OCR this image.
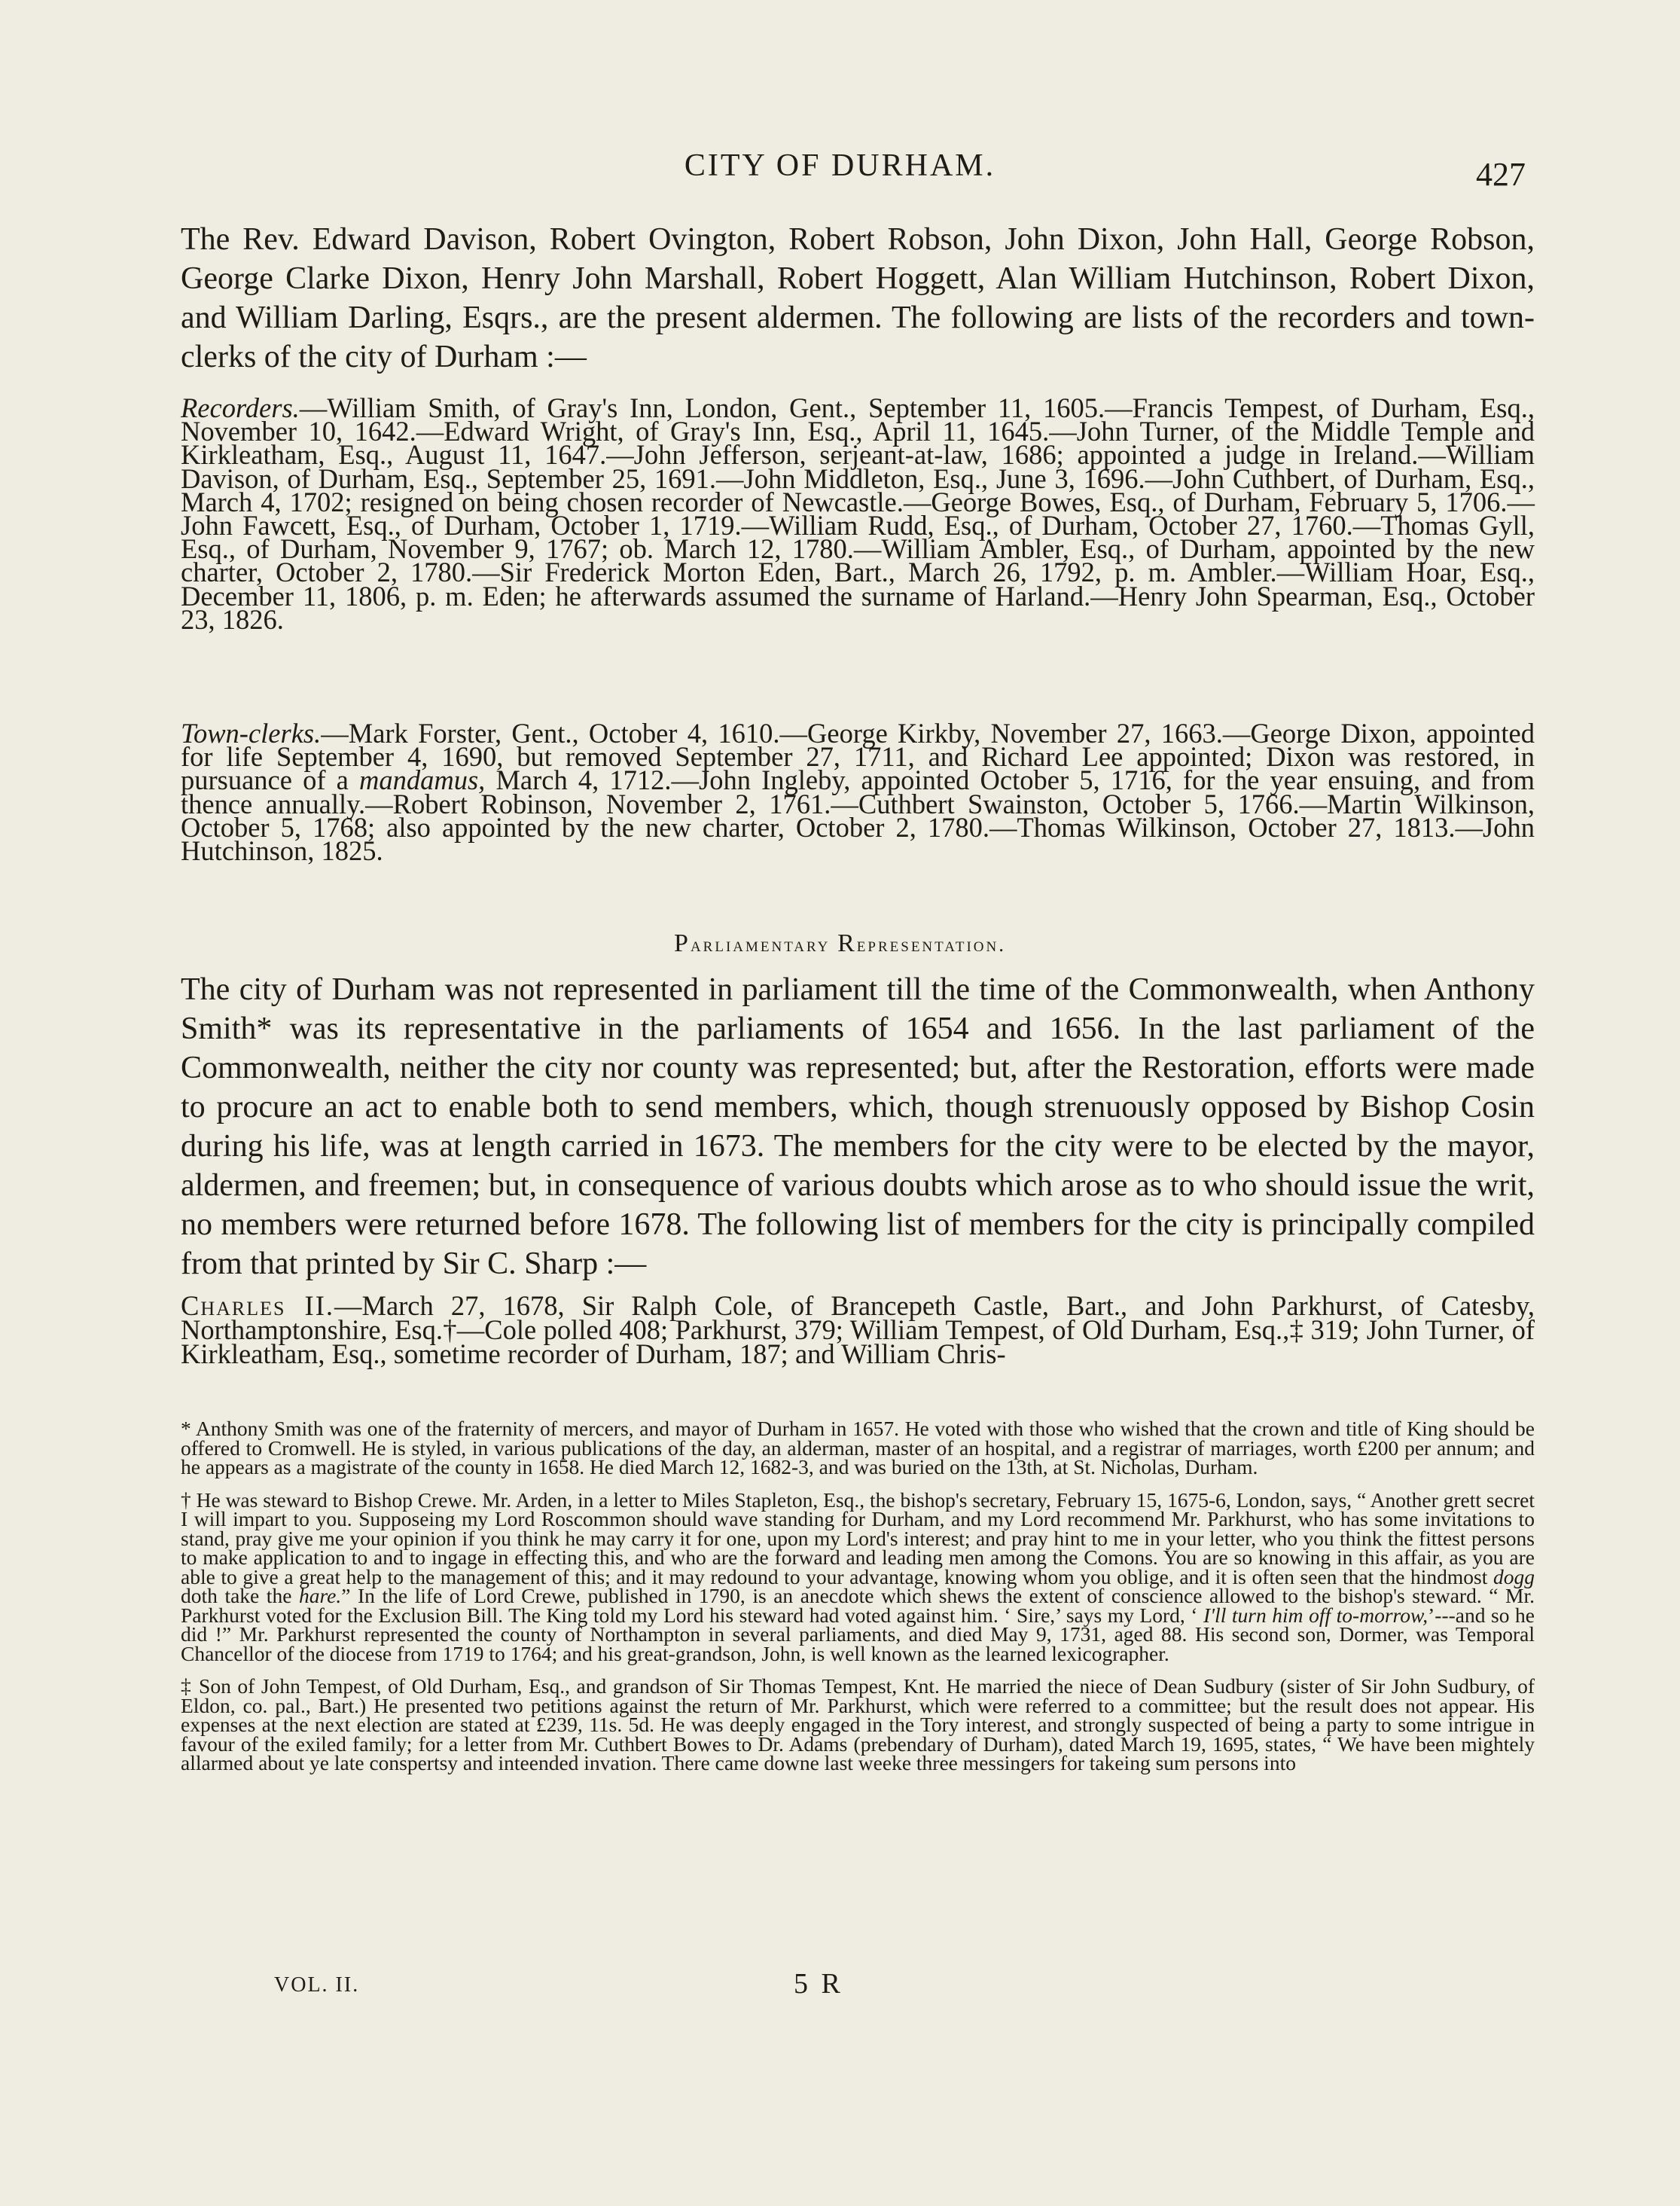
CITY OF DURHAM.	427

The Rev. Edward Davison, Robert Ovington, Robert Robson, John Dixon, John Hall, George Robson, George Clarke Dixon, Henry John Marshall, Robert Hoggett, Alan William Hutchinson, Robert Dixon, and William Darling, Esqrs., are the present aldermen. The following are lists of the recorders and town-clerks of the city of Durham :—

Recorders.—William Smith, of Gray's Inn, London, Gent., September 11, 1605.—Francis Tempest, of Durham, Esq., November 10, 1642.—Edward Wright, of Gray's Inn, Esq., April 11, 1645.—John Turner, of the Middle Temple and Kirkleatham, Esq., August 11, 1647.—John Jefferson, serjeant-at-law, 1686; appointed a judge in Ireland.—William Davison, of Durham, Esq., September 25, 1691.—John Middleton, Esq., June 3, 1696.—John Cuthbert, of Durham, Esq., March 4, 1702; resigned on being chosen recorder of Newcastle.—George Bowes, Esq., of Durham, February 5, 1706.—John Fawcett, Esq., of Durham, October 1, 1719.—William Rudd, Esq., of Durham, October 27, 1760.—Thomas Gyll, Esq., of Durham, November 9, 1767; ob. March 12, 1780.—William Ambler, Esq., of Durham, appointed by the new charter, October 2, 1780.—Sir Frederick Morton Eden, Bart., March 26, 1792, p. m. Ambler.—William Hoar, Esq., December 11, 1806, p. m. Eden; he afterwards assumed the surname of Harland.—Henry John Spearman, Esq., October 23, 1826.

Town-clerks.—Mark Forster, Gent., October 4, 1610.—George Kirkby, November 27, 1663.—George Dixon, appointed for life September 4, 1690, but removed September 27, 1711, and Richard Lee appointed; Dixon was restored, in pursuance of a mandamus, March 4, 1712.—John Ingleby, appointed October 5, 1716, for the year ensuing, and from thence annually.—Robert Robinson, November 2, 1761.—Cuthbert Swainston, October 5, 1766.—Martin Wilkinson, October 5, 1768; also appointed by the new charter, October 2, 1780.—Thomas Wilkinson, October 27, 1813.—John Hutchinson, 1825.

Parliamentary Representation.

The city of Durham was not represented in parliament till the time of the Commonwealth, when Anthony Smith* was its representative in the parliaments of 1654 and 1656. In the last parliament of the Commonwealth, neither the city nor county was represented; but, after the Restoration, efforts were made to procure an act to enable both to send members, which, though strenuously opposed by Bishop Cosin during his life, was at length carried in 1673. The members for the city were to be elected by the mayor, aldermen, and freemen; but, in consequence of various doubts which arose as to who should issue the writ, no members were returned before 1678. The following list of members for the city is principally compiled from that printed by Sir C. Sharp :—

Charles II.—March 27, 1678, Sir Ralph Cole, of Brancepeth Castle, Bart., and John Parkhurst, of Catesby, Northamptonshire, Esq.†—Cole polled 408; Parkhurst, 379; William Tempest, of Old Durham, Esq.,‡ 319; John Turner, of Kirkleatham, Esq., sometime recorder of Durham, 187; and William Chris-

* Anthony Smith was one of the fraternity of mercers, and mayor of Durham in 1657. He voted with those who wished that the crown and title of King should be offered to Cromwell. He is styled, in various publications of the day, an alderman, master of an hospital, and a registrar of marriages, worth £200 per annum; and he appears as a magistrate of the county in 1658. He died March 12, 1682-3, and was buried on the 13th, at St. Nicholas, Durham.

† He was steward to Bishop Crewe. Mr. Arden, in a letter to Miles Stapleton, Esq., the bishop's secretary, February 15, 1675-6, London, says, “ Another grett secret I will impart to you. Supposeing my Lord Roscommon should wave standing for Durham, and my Lord recommend Mr. Parkhurst, who has some invitations to stand, pray give me your opinion if you think he may carry it for one, upon my Lord's interest; and pray hint to me in your letter, who you think the fittest persons to make application to and to ingage in effecting this, and who are the forward and leading men among the Comons. You are so knowing in this affair, as you are able to give a great help to the management of this; and it may redound to your advantage, knowing whom you oblige, and it is often seen that the hindmost dogg doth take the hare.” In the life of Lord Crewe, published in 1790, is an anecdote which shews the extent of conscience allowed to the bishop's steward. “ Mr. Parkhurst voted for the Exclusion Bill. The King told my Lord his steward had voted against him. ‘ Sire,’ says my Lord, ‘ I'll turn him off to-morrow,’---and so he did !” Mr. Parkhurst represented the county of Northampton in several parliaments, and died May 9, 1731, aged 88. His second son, Dormer, was Temporal Chancellor of the diocese from 1719 to 1764; and his great-grandson, John, is well known as the learned lexicographer.

‡ Son of John Tempest, of Old Durham, Esq., and grandson of Sir Thomas Tempest, Knt. He married the niece of Dean Sudbury (sister of Sir John Sudbury, of Eldon, co. pal., Bart.) He presented two petitions against the return of Mr. Parkhurst, which were referred to a committee; but the result does not appear. His expenses at the next election are stated at £239, 11s. 5d. He was deeply engaged in the Tory interest, and strongly suspected of being a party to some intrigue in favour of the exiled family; for a letter from Mr. Cuthbert Bowes to Dr. Adams (prebendary of Durham), dated March 19, 1695, states, “ We have been mightely allarmed about ye late conspertsy and inteended invation. There came downe last weeke three messingers for takeing sum persons into

VOL. II.	5 R
